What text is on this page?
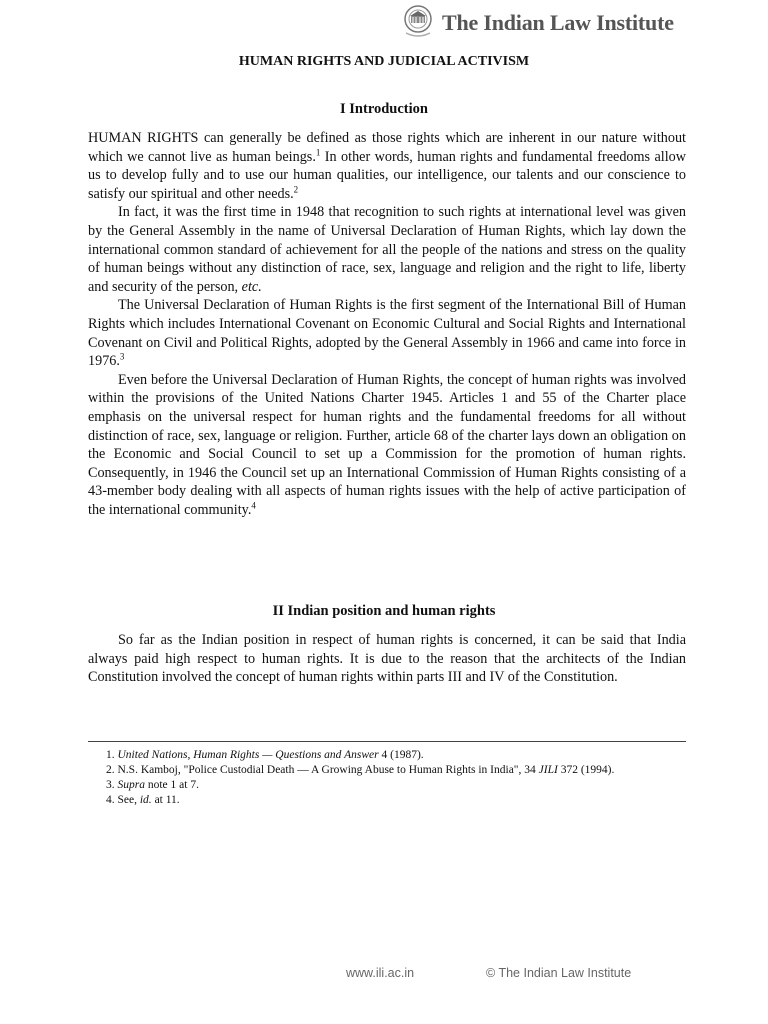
The Indian Law Institute
HUMAN RIGHTS AND JUDICIAL ACTIVISM
I Introduction

HUMAN RIGHTS can generally be defined as those rights which are inherent in our nature without which we cannot live as human beings.$^1$ In other words, human rights and fundamental freedoms allow us to develop fully and to use our human qualities, our intelligence, our talents and our conscience to satisfy our spiritual and other needs.$^2$

In fact, it was the first time in 1948 that recognition to such rights at international level was given by the General Assembly in the name of Universal Declaration of Human Rights, which lay down the international common standard of achievement for all the people of the nations and stress on the quality of human beings without any distinction of race, sex, language and religion and the right to life, liberty and security of the person, etc.

The Universal Declaration of Human Rights is the first segment of the International Bill of Human Rights which includes International Covenant on Economic Cultural and Social Rights and International Covenant on Civil and Political Rights, adopted by the General Assembly in 1966 and came into force in 1976.$^3$

Even before the Universal Declaration of Human Rights, the concept of human rights was involved within the provisions of the United Nations Charter 1945. Articles 1 and 55 of the Charter place emphasis on the universal respect for human rights and the fundamental freedoms for all without distinction of race, sex, language or religion. Further, article 68 of the charter lays down an obligation on the Economic and Social Council to set up a Commission for the promotion of human rights. Consequently, in 1946 the Council set up an International Commission of Human Rights consisting of a 43-member body dealing with all aspects of human rights issues with the help of active participation of the international community.$^4$

II Indian position and human rights

So far as the Indian position in respect of human rights is concerned, it can be said that India always paid high respect to human rights. It is due to the reason that the architects of the Indian Constitution involved the concept of human rights within parts III and IV of the Constitution.

1. United Nations, Human Rights — Questions and Answer 4 (1987).

2. N.S. Kamboj, "Police Custodial Death — A Growing Abuse to Human Rights in India", 34 JILI 372 (1994).

3. Supra note 1 at 7.

4. See, id. at 11.

www.ili.ac.in	© The Indian Law Institute
